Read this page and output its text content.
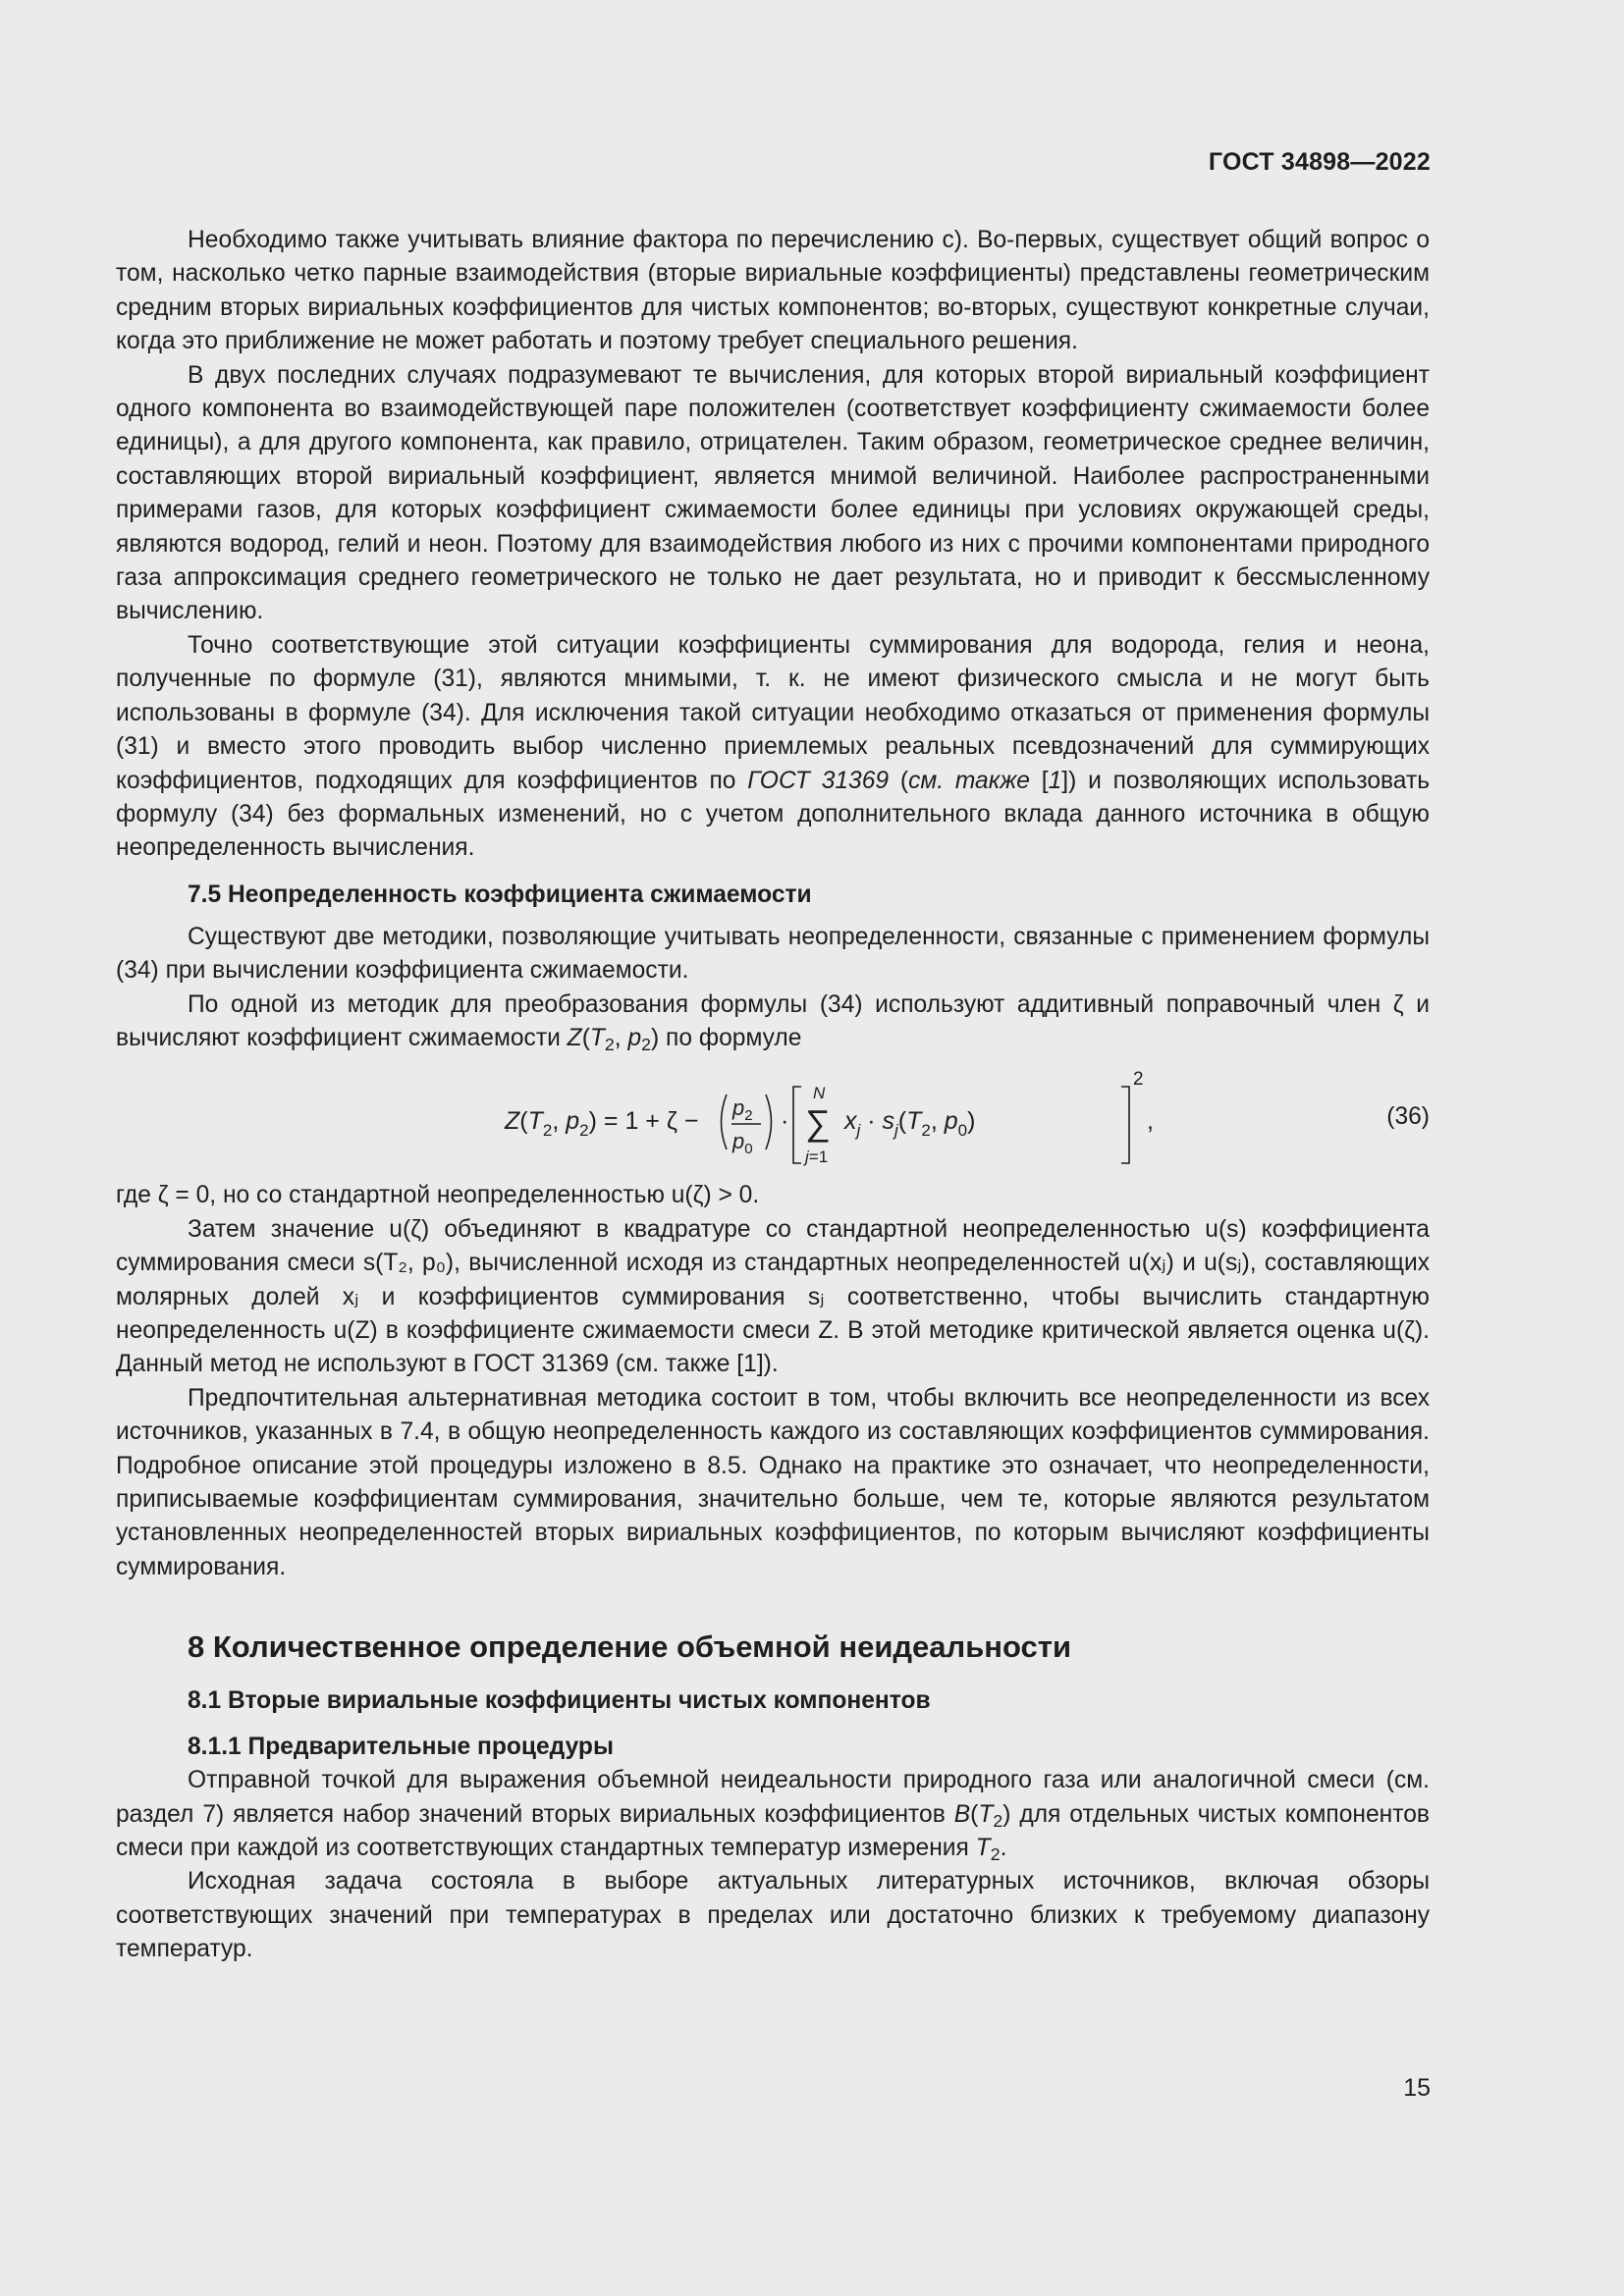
ГОСТ 34898—2022

Необходимо также учитывать влияние фактора по перечислению с). Во-первых, существует общий вопрос о том, насколько четко парные взаимодействия (вторые вириальные коэффициенты) представлены геометрическим средним вторых вириальных коэффициентов для чистых компонентов; во-вторых, существуют конкретные случаи, когда это приближение не может работать и поэтому требует специального решения.

В двух последних случаях подразумевают те вычисления, для которых второй вириальный коэффициент одного компонента во взаимодействующей паре положителен (соответствует коэффициенту сжимаемости более единицы), а для другого компонента, как правило, отрицателен. Таким образом, геометрическое среднее величин, составляющих второй вириальный коэффициент, является мнимой величиной. Наиболее распространенными примерами газов, для которых коэффициент сжимаемости более единицы при условиях окружающей среды, являются водород, гелий и неон. Поэтому для взаимодействия любого из них с прочими компонентами природного газа аппроксимация среднего геометрического не только не дает результата, но и приводит к бессмысленному вычислению.

Точно соответствующие этой ситуации коэффициенты суммирования для водорода, гелия и неона, полученные по формуле (31), являются мнимыми, т. к. не имеют физического смысла и не могут быть использованы в формуле (34). Для исключения такой ситуации необходимо отказаться от применения формулы (31) и вместо этого проводить выбор численно приемлемых реальных псевдозначений для суммирующих коэффициентов, подходящих для коэффициентов по ГОСТ 31369 (см. также [1]) и позволяющих использовать формулу (34) без формальных изменений, но с учетом дополнительного вклада данного источника в общую неопределенность вычисления.

7.5 Неопределенность коэффициента сжимаемости

Существуют две методики, позволяющие учитывать неопределенности, связанные с применением формулы (34) при вычислении коэффициента сжимаемости.

По одной из методик для преобразования формулы (34) используют аддитивный поправочный член ζ и вычисляют коэффициент сжимаемости $Z(T_2$, $p_2$) по формуле

$Z(T_2$, $p_2) = 1 + \zeta - p_2$
$p_0$
·
N
∑
j=1
$x_j \cdot s_j(T_2$, $p_0$)
2
,	(36)

где ζ = 0, но со стандартной неопределенностью u(ζ) > 0.

Затем значение u(ζ) объединяют в квадратуре со стандартной неопределенностью u(s) коэффициента суммирования смеси s(T₂, p₀), вычисленной исходя из стандартных неопределенностей u(xⱼ) и u(sⱼ), составляющих молярных долей xⱼ и коэффициентов суммирования sⱼ соответственно, чтобы вычислить стандартную неопределенность u(Z) в коэффициенте сжимаемости смеси Z. В этой методике критической является оценка u(ζ). Данный метод не используют в ГОСТ 31369 (см. также [1]).

Предпочтительная альтернативная методика состоит в том, чтобы включить все неопределенности из всех источников, указанных в 7.4, в общую неопределенность каждого из составляющих коэффициентов суммирования. Подробное описание этой процедуры изложено в 8.5. Однако на практике это означает, что неопределенности, приписываемые коэффициентам суммирования, значительно больше, чем те, которые являются результатом установленных неопределенностей вторых вириальных коэффициентов, по которым вычисляют коэффициенты суммирования.

8 Количественное определение объемной неидеальности
8.1 Вторые вириальные коэффициенты чистых компонентов
8.1.1 Предварительные процедуры

Отправной точкой для выражения объемной неидеальности природного газа или аналогичной смеси (см. раздел 7) является набор значений вторых вириальных коэффициентов $B(T_2)$ для отдельных чистых компонентов смеси при каждой из соответствующих стандартных температур измерения $T_2$.

Исходная задача состояла в выборе актуальных литературных источников, включая обзоры соответствующих значений при температурах в пределах или достаточно близких к требуемому диапазону температур.

15
